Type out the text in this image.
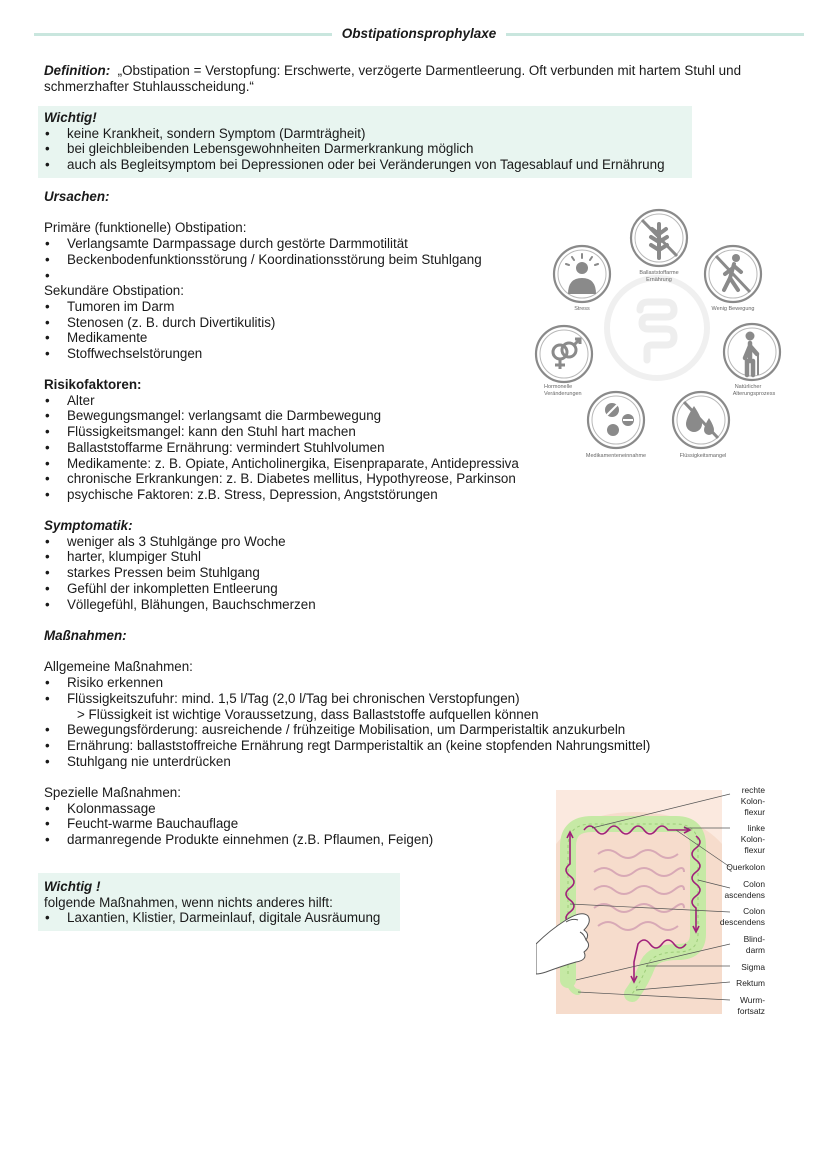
Obstipationsprophylaxe
Definition: „Obstipation = Verstopfung: Erschwerte, verzögerte Darmentleerung. Oft verbunden mit hartem Stuhl und
schmerzhafter Stuhlausscheidung.“
Wichtig!
• keine Krankheit, sondern Symptom (Darmträgheit)
• bei gleichbleibenden Lebensgewohnheiten Darmerkrankung möglich
• auch als Begleitsymptom bei Depressionen oder bei Veränderungen von Tagesablauf und Ernährung
Ursachen:
Primäre (funktionelle) Obstipation:
• Verlangsamte Darmpassage durch gestörte Darmmotilität
• Beckenbodenfunktionsstörung / Koordinationsstörung beim Stuhlgang
•
Sekundäre Obstipation:
• Tumoren im Darm
• Stenosen (z. B. durch Divertikulitis)
• Medikamente
• Stoffwechselstörungen
Risikofaktoren:
• Alter
• Bewegungsmangel: verlangsamt die Darmbewegung
• Flüssigkeitsmangel: kann den Stuhl hart machen
• Ballaststoffarme Ernährung: vermindert Stuhlvolumen
• Medikamente: z. B. Opiate, Anticholinergika, Eisenpraparate, Antidepressiva
• chronische Erkrankungen: z. B. Diabetes mellitus, Hypothyreose, Parkinson
• psychische Faktoren: z.B. Stress, Depression, Angststörungen
Symptomatik:
• weniger als 3 Stuhlgänge pro Woche
• harter, klumpiger Stuhl
• starkes Pressen beim Stuhlgang
• Gefühl der inkompletten Entleerung
• Völlegefühl, Blähungen, Bauchschmerzen
Maßnahmen:
Allgemeine Maßnahmen:
• Risiko erkennen
• Flüssigkeitszufuhr: mind. 1,5 l/Tag (2,0 l/Tag bei chronischen Verstopfungen)
> Flüssigkeit ist wichtige Voraussetzung, dass Ballaststoffe aufquellen können
• Bewegungsförderung: ausreichende / frühzeitige Mobilisation, um Darmperistaltik anzukurbeln
• Ernährung: ballaststoffreiche Ernährung regt Darmperistaltik an (keine stopfenden Nahrungsmittel)
• Stuhlgang nie unterdrücken
Spezielle Maßnahmen:
• Kolonmassage
• Feucht-warme Bauchauflage
• darmanregende Produkte einnehmen (z.B. Pflaumen, Feigen)
Wichtig !
folgende Maßnahmen, wenn nichts anderes hilft:
• Laxantien, Klistier, Darmeinlauf, digitale Ausräumung
Ballaststoffarme
Ernährung
Stress	Wenig Bewegung
Hormonelle
Veränderungen
Natürlicher
Alterungsprozess
Medikamenteneinnahme	Flüssigkeitsmangel
rechte
Kolon-
flexur
linke
Kolon-
flexur
Querkolon
Colon
ascendens
Colon
descendens
Blind-
darm
Sigma
Rektum
Wurm-
fortsatz
